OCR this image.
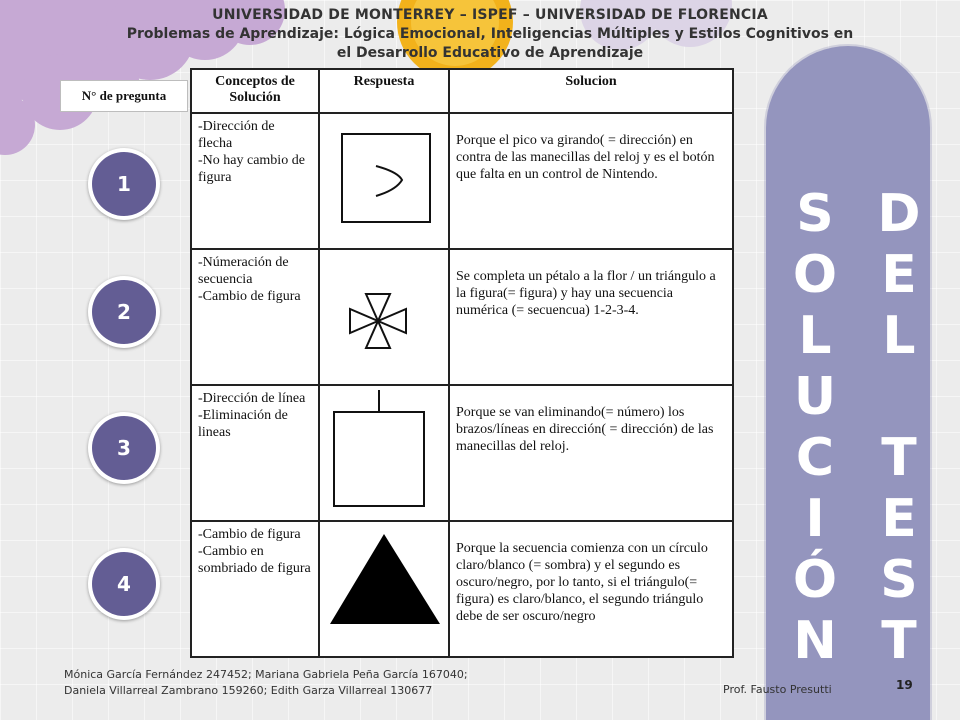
UNIVERSIDAD DE MONTERREY – ISPEF – UNIVERSIDAD DE FLORENCIA
Problemas de Aprendizaje: Lógica Emocional, Inteligencias Múltiples y Estilos Cognitivos en el Desarrollo Educativo de Aprendizaje
N° de pregunta
1
2
3
4
Conceptos de Solución	Respuesta	Solucion

-Dirección de flecha
-No hay cambio de figura		Porque el pico va girando( = dirección) en contra de las manecillas del reloj y es el botón que falta en un control de Nintendo.

-Númeración de secuencia
-Cambio de figura		Se completa un pétalo a la flor / un triángulo a la figura(= figura) y hay una secuencia numérica (= secuencua) 1-2-3-4.

-Dirección de línea
-Eliminación de lineas		Porque se van eliminando(= número) los brazos/líneas en dirección( = dirección) de las manecillas del reloj.

-Cambio de figura
-Cambio en sombriado de figura		Porque la secuencia comienza con un círculo claro/blanco (= sombra) y el segundo es oscuro/negro, por lo tanto, si el triángulo(= figura) es claro/blanco, el segundo triángulo debe de ser oscuro/negro
S
O
L
U
C
I
Ó
N
D
E
L
T
E
S
T
Mónica García Fernández 247452; Mariana Gabriela Peña García 167040;
Daniela Villarreal Zambrano 159260; Edith Garza Villarreal 130677	Prof. Fausto Presutti	19
